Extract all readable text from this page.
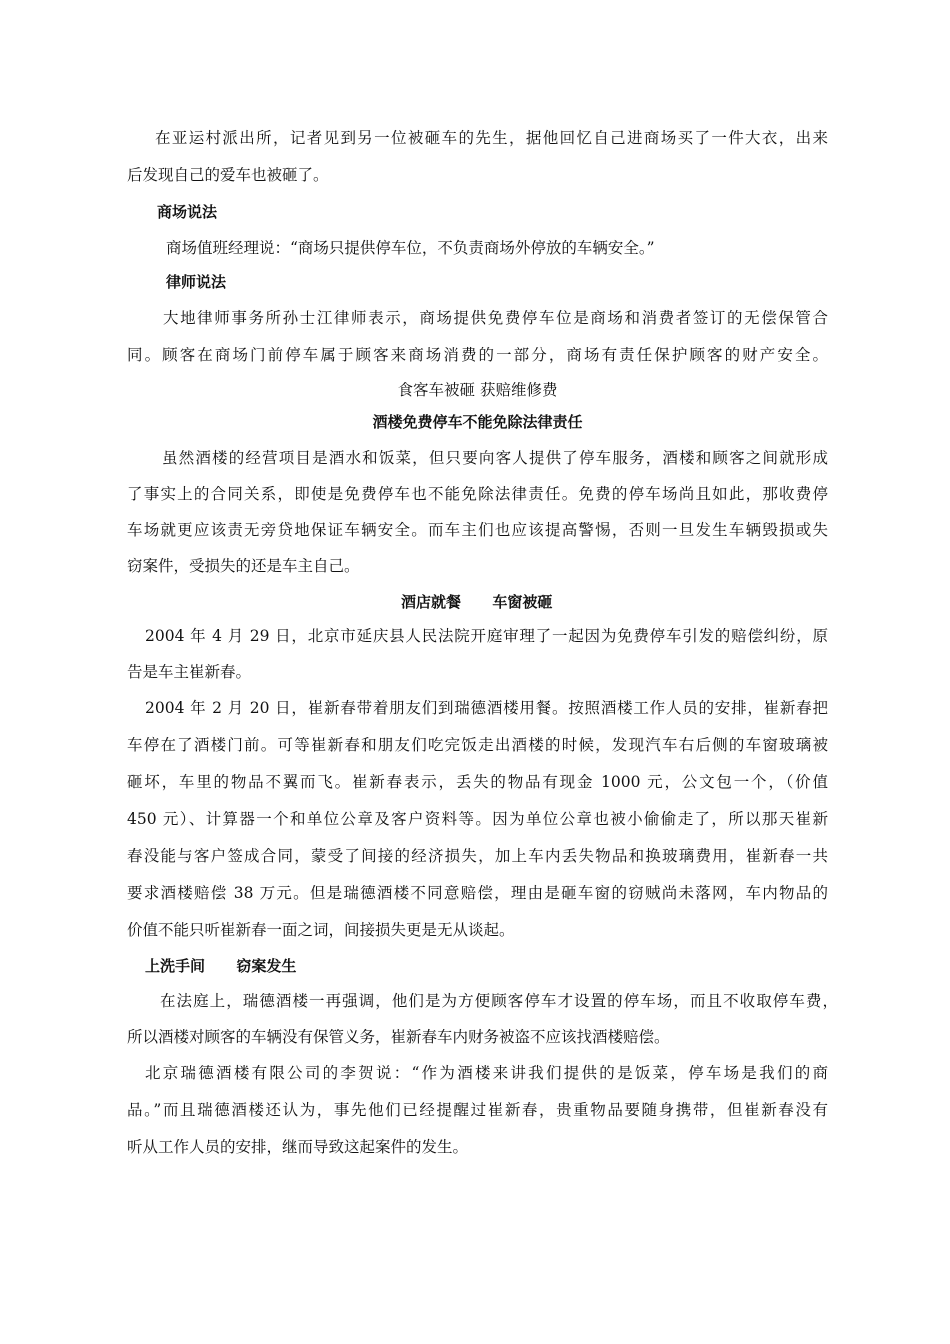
在亚运村派出所，记者见到另一位被砸车的先生，据他回忆自己进商场买了一件大衣，出来
后发现自己的爱车也被砸了。
商场说法
商场值班经理说：“商场只提供停车位，不负责商场外停放的车辆安全。”
律师说法
大地律师事务所孙士江律师表示，商场提供免费停车位是商场和消费者签订的无偿保管合
同。顾客在商场门前停车属于顾客来商场消费的一部分，商场有责任保护顾客的财产安全。
食客车被砸 获赔维修费
酒楼免费停车不能免除法律责任
虽然酒楼的经营项目是酒水和饭菜，但只要向客人提供了停车服务，酒楼和顾客之间就形成
了事实上的合同关系，即使是免费停车也不能免除法律责任。免费的停车场尚且如此，那收费停
车场就更应该责无旁贷地保证车辆安全。而车主们也应该提高警惕，否则一旦发生车辆毁损或失
窃案件，受损失的还是车主自己。
酒店就餐      车窗被砸
2004 年 4 月 29 日，北京市延庆县人民法院开庭审理了一起因为免费停车引发的赔偿纠纷，原
告是车主崔新春。
2004 年 2 月 20 日，崔新春带着朋友们到瑞德酒楼用餐。按照酒楼工作人员的安排，崔新春把
车停在了酒楼门前。可等崔新春和朋友们吃完饭走出酒楼的时候，发现汽车右后侧的车窗玻璃被
砸坏，车里的物品不翼而飞。崔新春表示，丢失的物品有现金 1000 元，公文包一个，（价值
450 元）、计算器一个和单位公章及客户资料等。因为单位公章也被小偷偷走了，所以那天崔新
春没能与客户签成合同，蒙受了间接的经济损失，加上车内丢失物品和换玻璃费用，崔新春一共
要求酒楼赔偿 38 万元。但是瑞德酒楼不同意赔偿，理由是砸车窗的窃贼尚未落网，车内物品的
价值不能只听崔新春一面之词，间接损失更是无从谈起。
上洗手间      窃案发生
在法庭上，瑞德酒楼一再强调，他们是为方便顾客停车才设置的停车场，而且不收取停车费，
所以酒楼对顾客的车辆没有保管义务，崔新春车内财务被盗不应该找酒楼赔偿。
北京瑞德酒楼有限公司的李贺说：“作为酒楼来讲我们提供的是饭菜，停车场是我们的商
品。”而且瑞德酒楼还认为，事先他们已经提醒过崔新春，贵重物品要随身携带，但崔新春没有
听从工作人员的安排，继而导致这起案件的发生。
